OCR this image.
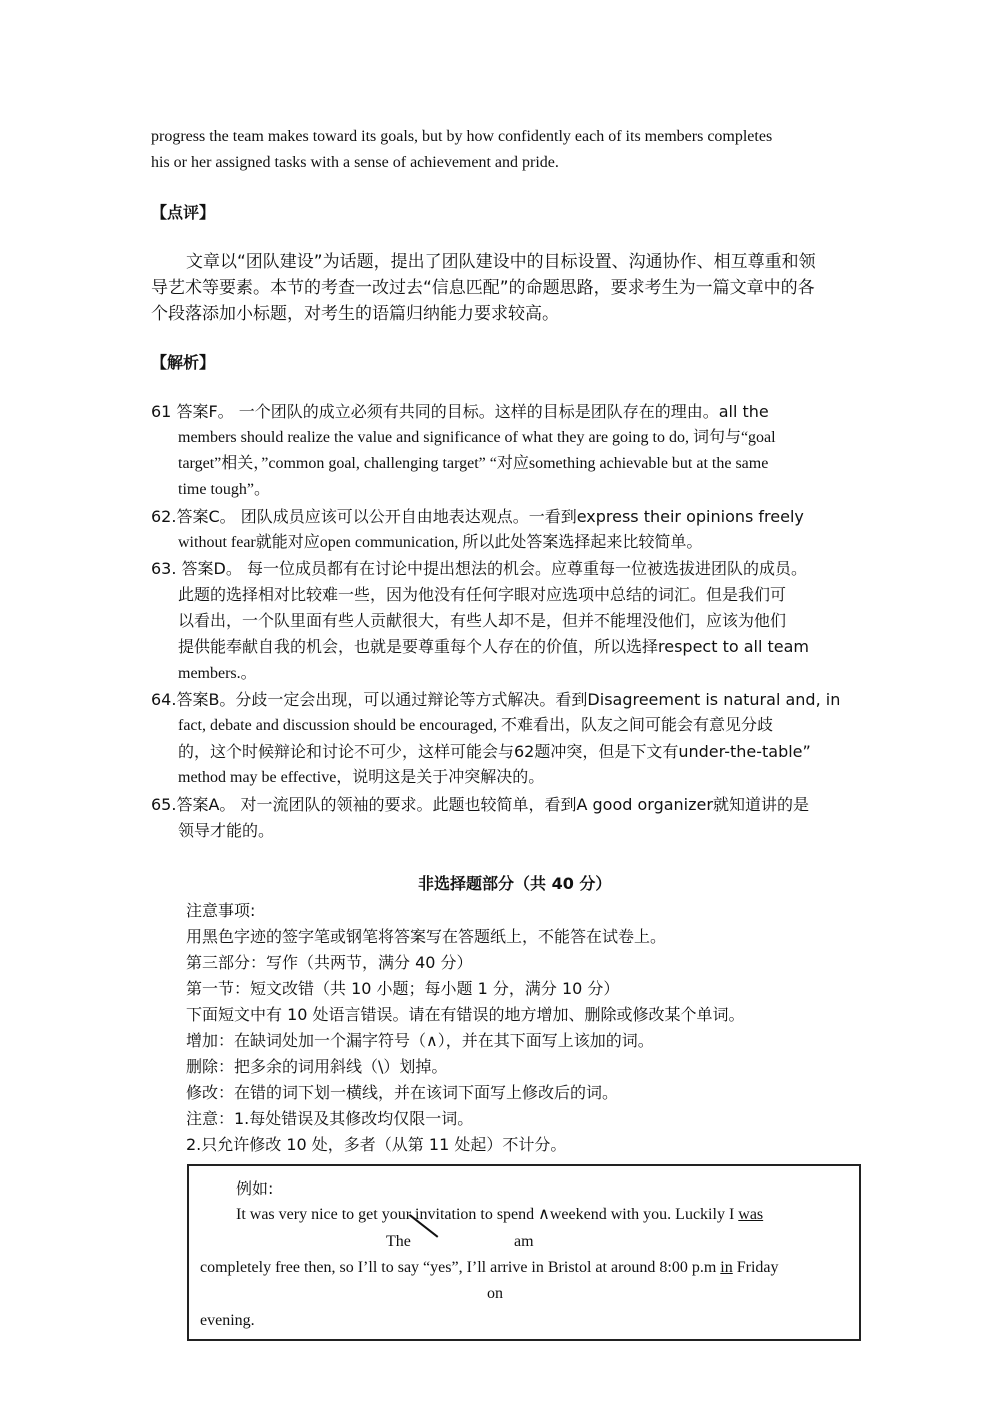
progress the team makes toward its goals, but by how confidently each of its members completes
his or her assigned tasks with a sense of achievement and pride.
【点评】
文章以“团队建设”为话题，提出了团队建设中的目标设置、沟通协作、相互尊重和领
导艺术等要素。本节的考查一改过去“信息匹配”的命题思路，要求考生为一篇文章中的各
个段落添加小标题，对考生的语篇归纳能力要求较高。
【解析】
61 答案F。 一个团队的成立必须有共同的目标。这样的目标是团队存在的理由。all the
members should realize the value and significance of what they are going to do, 词句与“goal
target”相关，”common goal, challenging target” “对应something achievable but at the same
time tough”。
62.答案C。 团队成员应该可以公开自由地表达观点。一看到express their opinions freely
without fear就能对应open communication, 所以此处答案选择起来比较简单。
63. 答案D。 每一位成员都有在讨论中提出想法的机会。应尊重每一位被选拔进团队的成员。
此题的选择相对比较难一些，因为他没有任何字眼对应选项中总结的词汇。但是我们可
以看出，一个队里面有些人贡献很大，有些人却不是，但并不能埋没他们，应该为他们
提供能奉献自我的机会，也就是要尊重每个人存在的价值，所以选择respect to all team
members.。
64.答案B。分歧一定会出现，可以通过辩论等方式解决。看到Disagreement is natural and, in
fact, debate and discussion should be encouraged, 不难看出，队友之间可能会有意见分歧
的，这个时候辩论和讨论不可少，这样可能会与62题冲突，但是下文有under-the-table”
method may be effective，说明这是关于冲突解决的。
65.答案A。 对一流团队的领袖的要求。此题也较简单，看到A good organizer就知道讲的是
领导才能的。
非选择题部分（共 40 分）
注意事项:
用黑色字迹的签字笔或钢笔将答案写在答题纸上，不能答在试卷上。
第三部分：写作（共两节，满分 40 分）
第一节：短文改错（共 10 小题；每小题 1 分，满分 10 分）
下面短文中有 10 处语言错误。请在有错误的地方增加、删除或修改某个单词。
增加：在缺词处加一个漏字符号（∧），并在其下面写上该加的词。
删除：把多余的词用斜线（\）划掉。
修改：在错的词下划一横线，并在该词下面写上修改后的词。
注意：1.每处错误及其修改均仅限一词。
2.只允许修改 10 处，多者（从第 11 处起）不计分。
例如:
It was very nice to get your invitation to spend ∧weekend with you. Luckily I was
The	am
completely free then, so I’ll to say “yes”, I’ll arrive in Bristol at around 8:00 p.m in Friday
on
evening.
